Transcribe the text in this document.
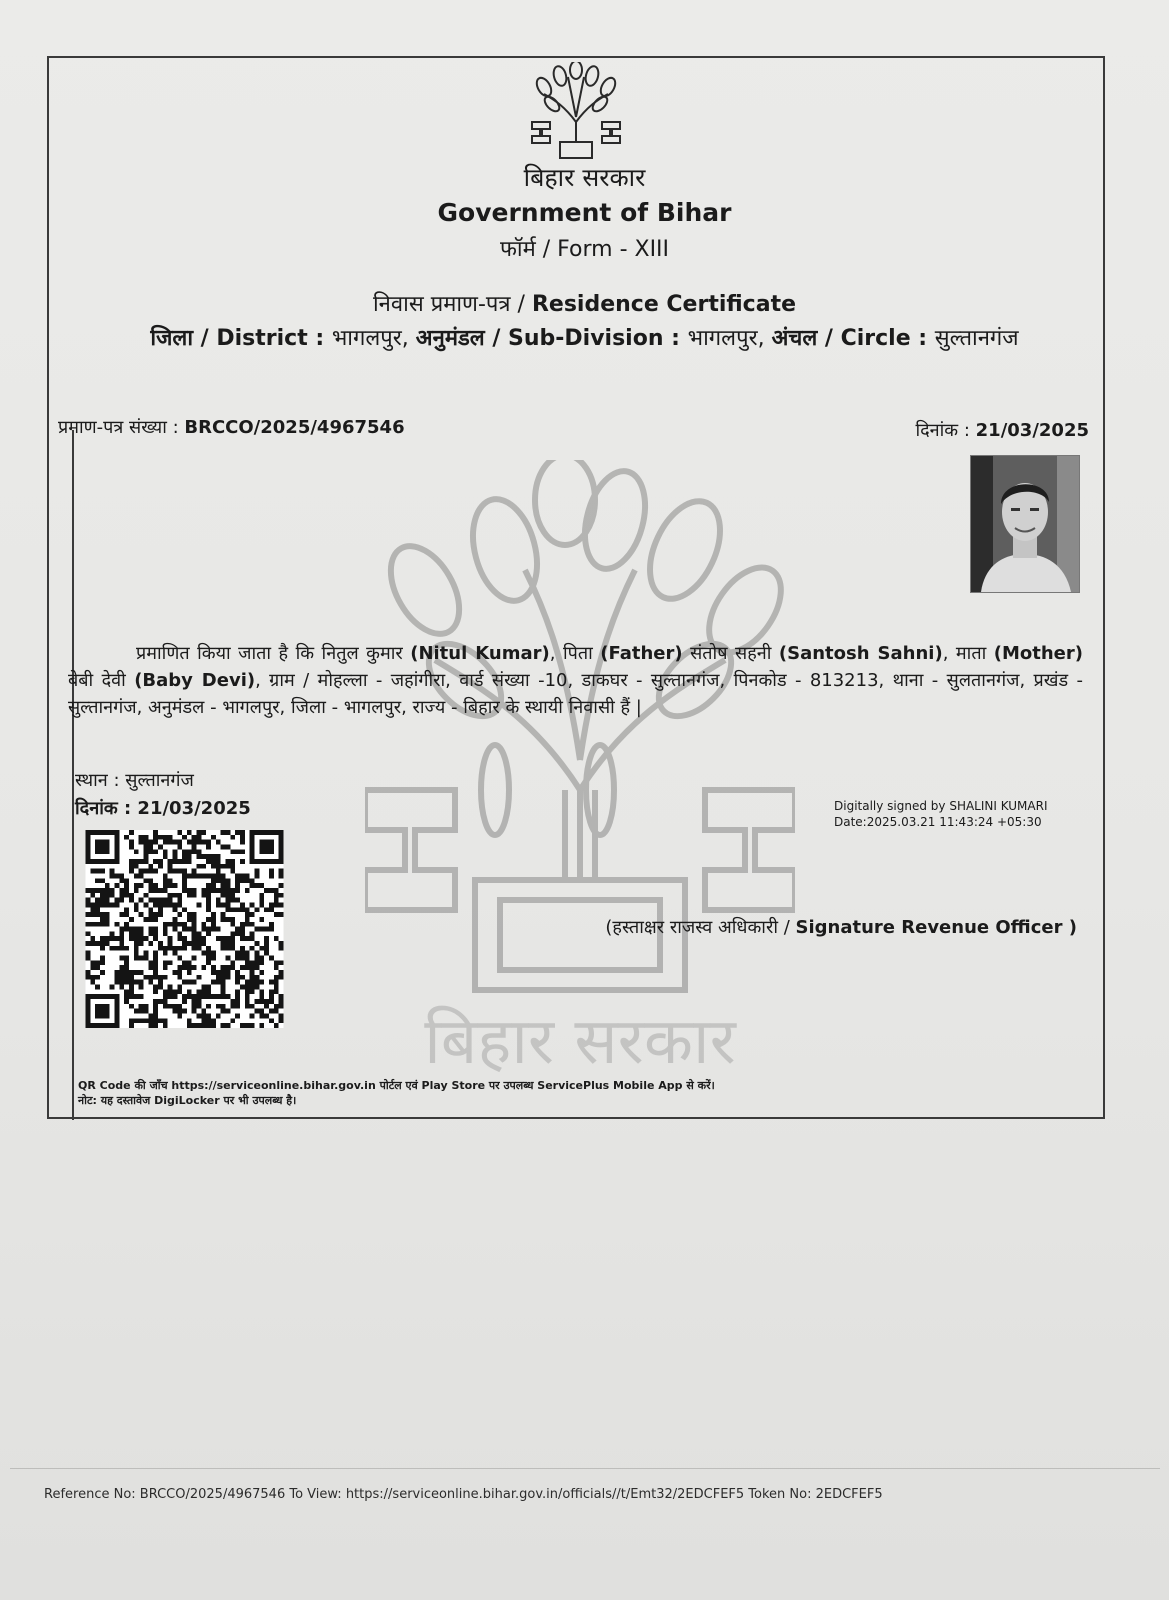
बिहार सरकार
बिहार सरकार
Government of Bihar
फॉर्म / Form - XIII
निवास प्रमाण-पत्र / Residence Certificate
जिला / District : भागलपुर, अनुमंडल / Sub-Division : भागलपुर, अंचल / Circle : सुल्तानगंज
प्रमाण-पत्र संख्या : BRCCO/2025/4967546	दिनांक : 21/03/2025
प्रमाणित किया जाता है कि नितुल कुमार (Nitul Kumar), पिता (Father) संतोष सहनी (Santosh Sahni), माता (Mother) बेबी देवी (Baby Devi), ग्राम / मोहल्ला - जहांगीरा, वार्ड संख्या -10, डाकघर - सुल्तानगंज, पिनकोड - 813213, थाना - सुलतानगंज, प्रखंड - सुल्तानगंज, अनुमंडल - भागलपुर, जिला - भागलपुर, राज्य - बिहार के स्थायी निवासी हैं |
स्थान : सुल्तानगंज
दिनांक : 21/03/2025	Digitally signed by SHALINI KUMARI
Date:2025.03.21 11:43:24 +05:30
(हस्ताक्षर राजस्व अधिकारी / Signature Revenue Officer )
QR Code की जाँच https://serviceonline.bihar.gov.in पोर्टल एवं Play Store पर उपलब्ध ServicePlus Mobile App से करें।
नोट: यह दस्तावेज DigiLocker पर भी उपलब्ध है।
Reference No: BRCCO/2025/4967546 To View: https://serviceonline.bihar.gov.in/officials//t/Emt32/2EDCFEF5 Token No: 2EDCFEF5
